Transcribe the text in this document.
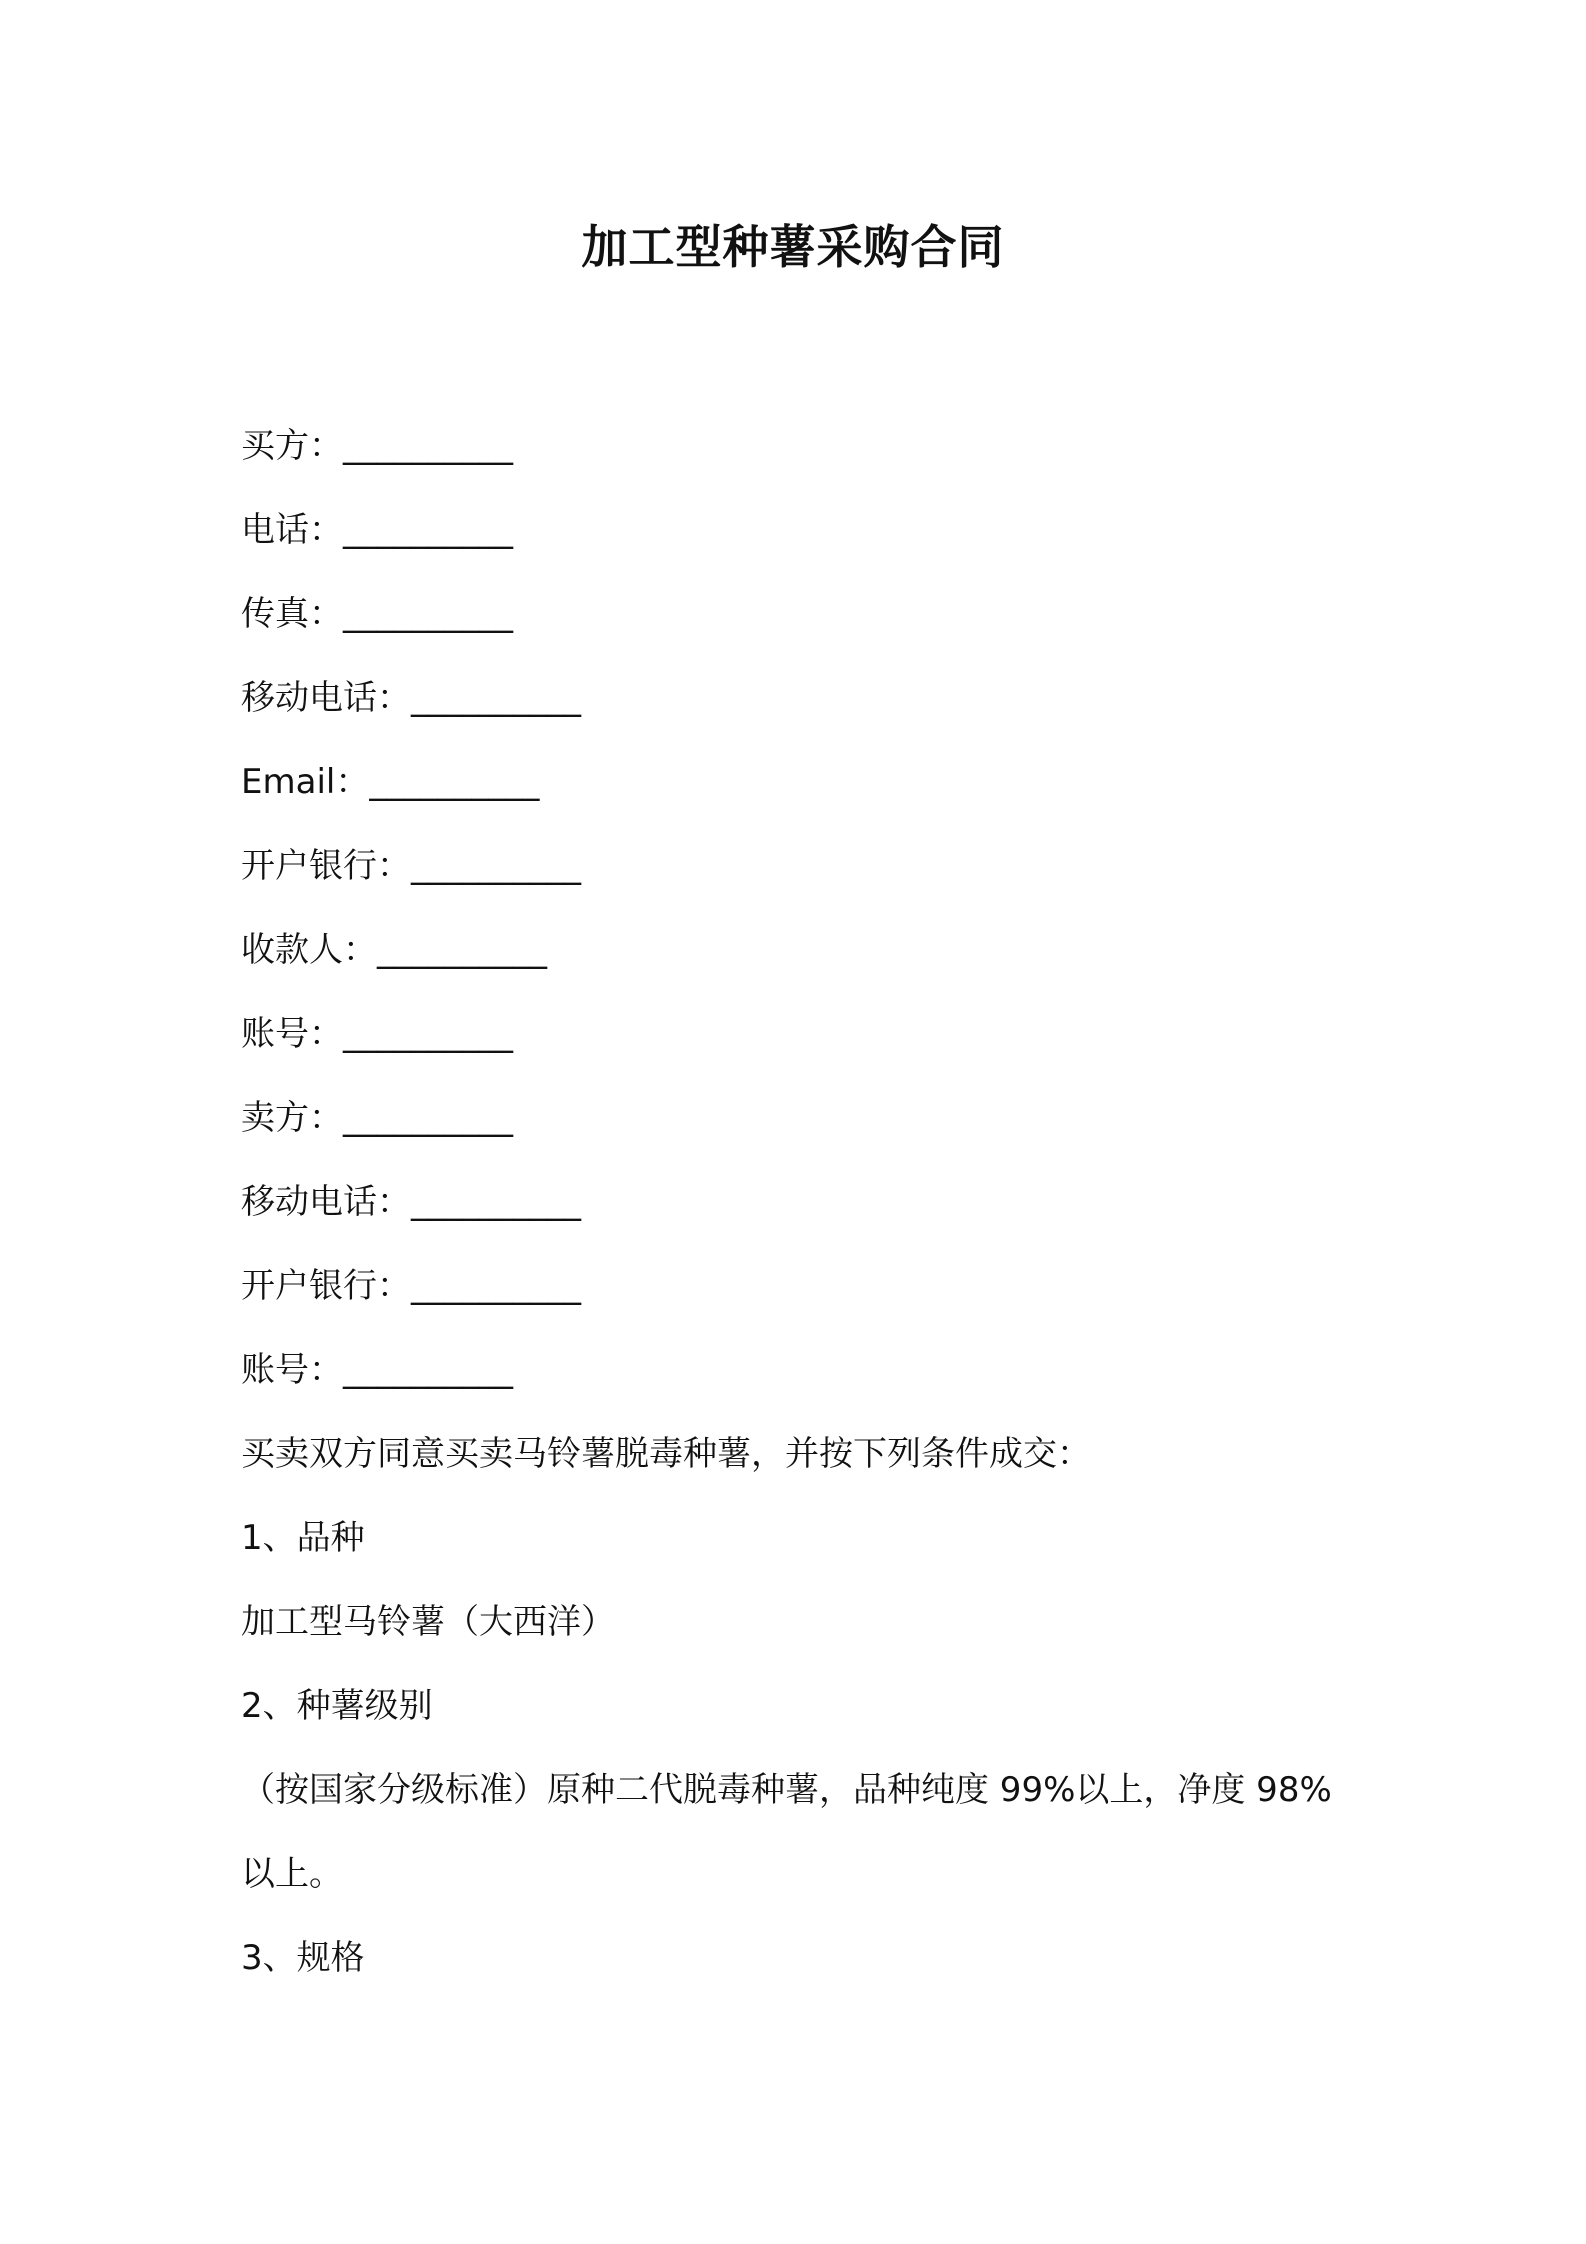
加工型种薯采购合同
买方：__________
电话：__________
传真：__________
移动电话：__________
Email：__________
开户银行：__________
收款人：__________
账号：__________
卖方：__________
移动电话：__________
开户银行：__________
账号：__________
买卖双方同意买卖马铃薯脱毒种薯，并按下列条件成交：
1、品种
加工型马铃薯（大西洋）
2、种薯级别
（按国家分级标准）原种二代脱毒种薯，品种纯度 99%以上，净度 98%以上。
3、规格
